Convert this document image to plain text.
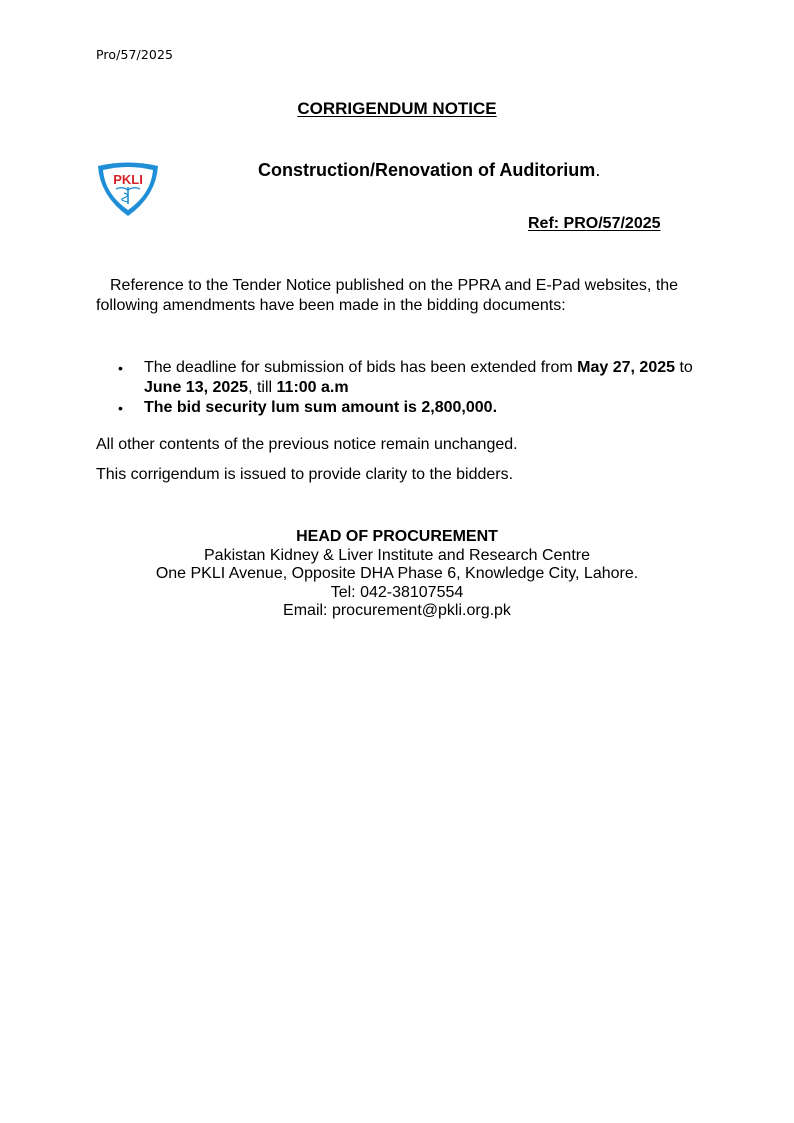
Pro/57/2025
CORRIGENDUM NOTICE
PKLI	Construction/Renovation of Auditorium.
Ref: PRO/57/2025

Reference to the Tender Notice published on the PPRA and E-Pad websites, the

following amendments have been made in the bidding documents:

• The deadline for submission of bids has been extended from May 27, 2025 to
June 13, 2025, till 11:00 a.m
• The bid security lum sum amount is 2,800,000.
All other contents of the previous notice remain unchanged.
This corrigendum is issued to provide clarity to the bidders.
HEAD OF PROCUREMENT
Pakistan Kidney & Liver Institute and Research Centre
One PKLI Avenue, Opposite DHA Phase 6, Knowledge City, Lahore.
Tel: 042-38107554
Email: procurement@pkli.org.pk
